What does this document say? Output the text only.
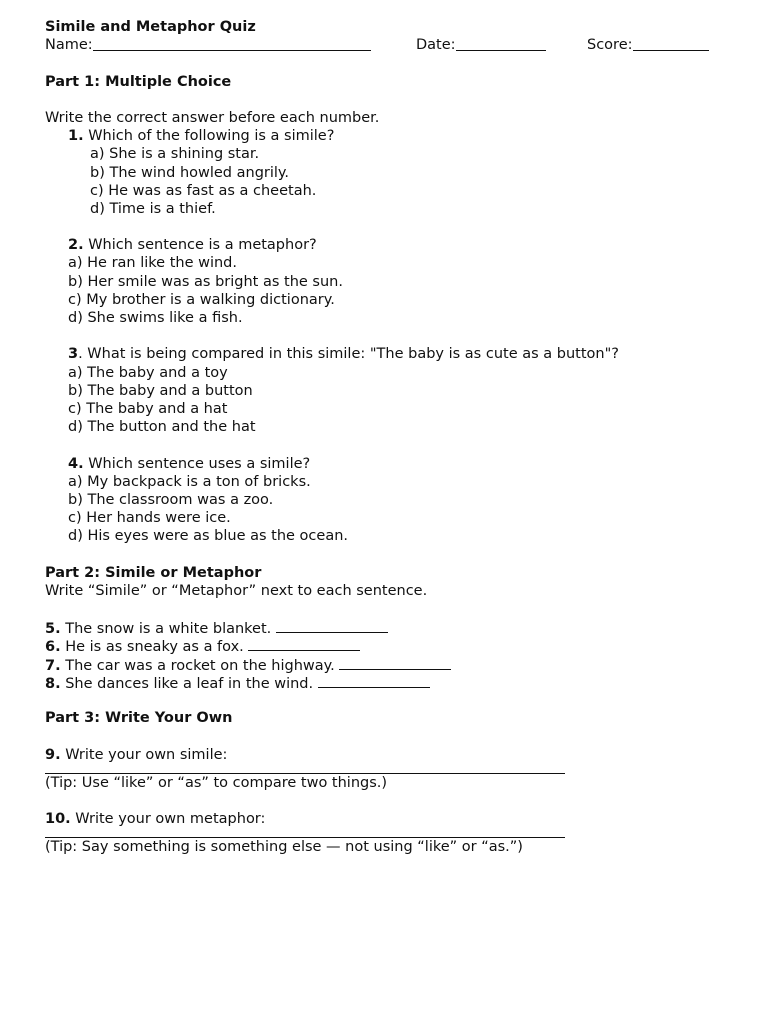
Simile and Metaphor Quiz
Name:	Date:	Score:
Part 1: Multiple Choice
Write the correct answer before each number.
1. Which of the following is a simile?
a) She is a shining star.
b) The wind howled angrily.
c) He was as fast as a cheetah.
d) Time is a thief.
2. Which sentence is a metaphor?
a) He ran like the wind.
b) Her smile was as bright as the sun.
c) My brother is a walking dictionary.
d) She swims like a fish.
3. What is being compared in this simile: "The baby is as cute as a button"?
a) The baby and a toy
b) The baby and a button
c) The baby and a hat
d) The button and the hat
4. Which sentence uses a simile?
a) My backpack is a ton of bricks.
b) The classroom was a zoo.
c) Her hands were ice.
d) His eyes were as blue as the ocean.
Part 2: Simile or Metaphor
Write “Simile” or “Metaphor” next to each sentence.
5. The snow is a white blanket.
6. He is as sneaky as a fox.
7. The car was a rocket on the highway.
8. She dances like a leaf in the wind.
Part 3: Write Your Own
9. Write your own simile:
(Tip: Use “like” or “as” to compare two things.)
10. Write your own metaphor:
(Tip: Say something is something else — not using “like” or “as.”)
